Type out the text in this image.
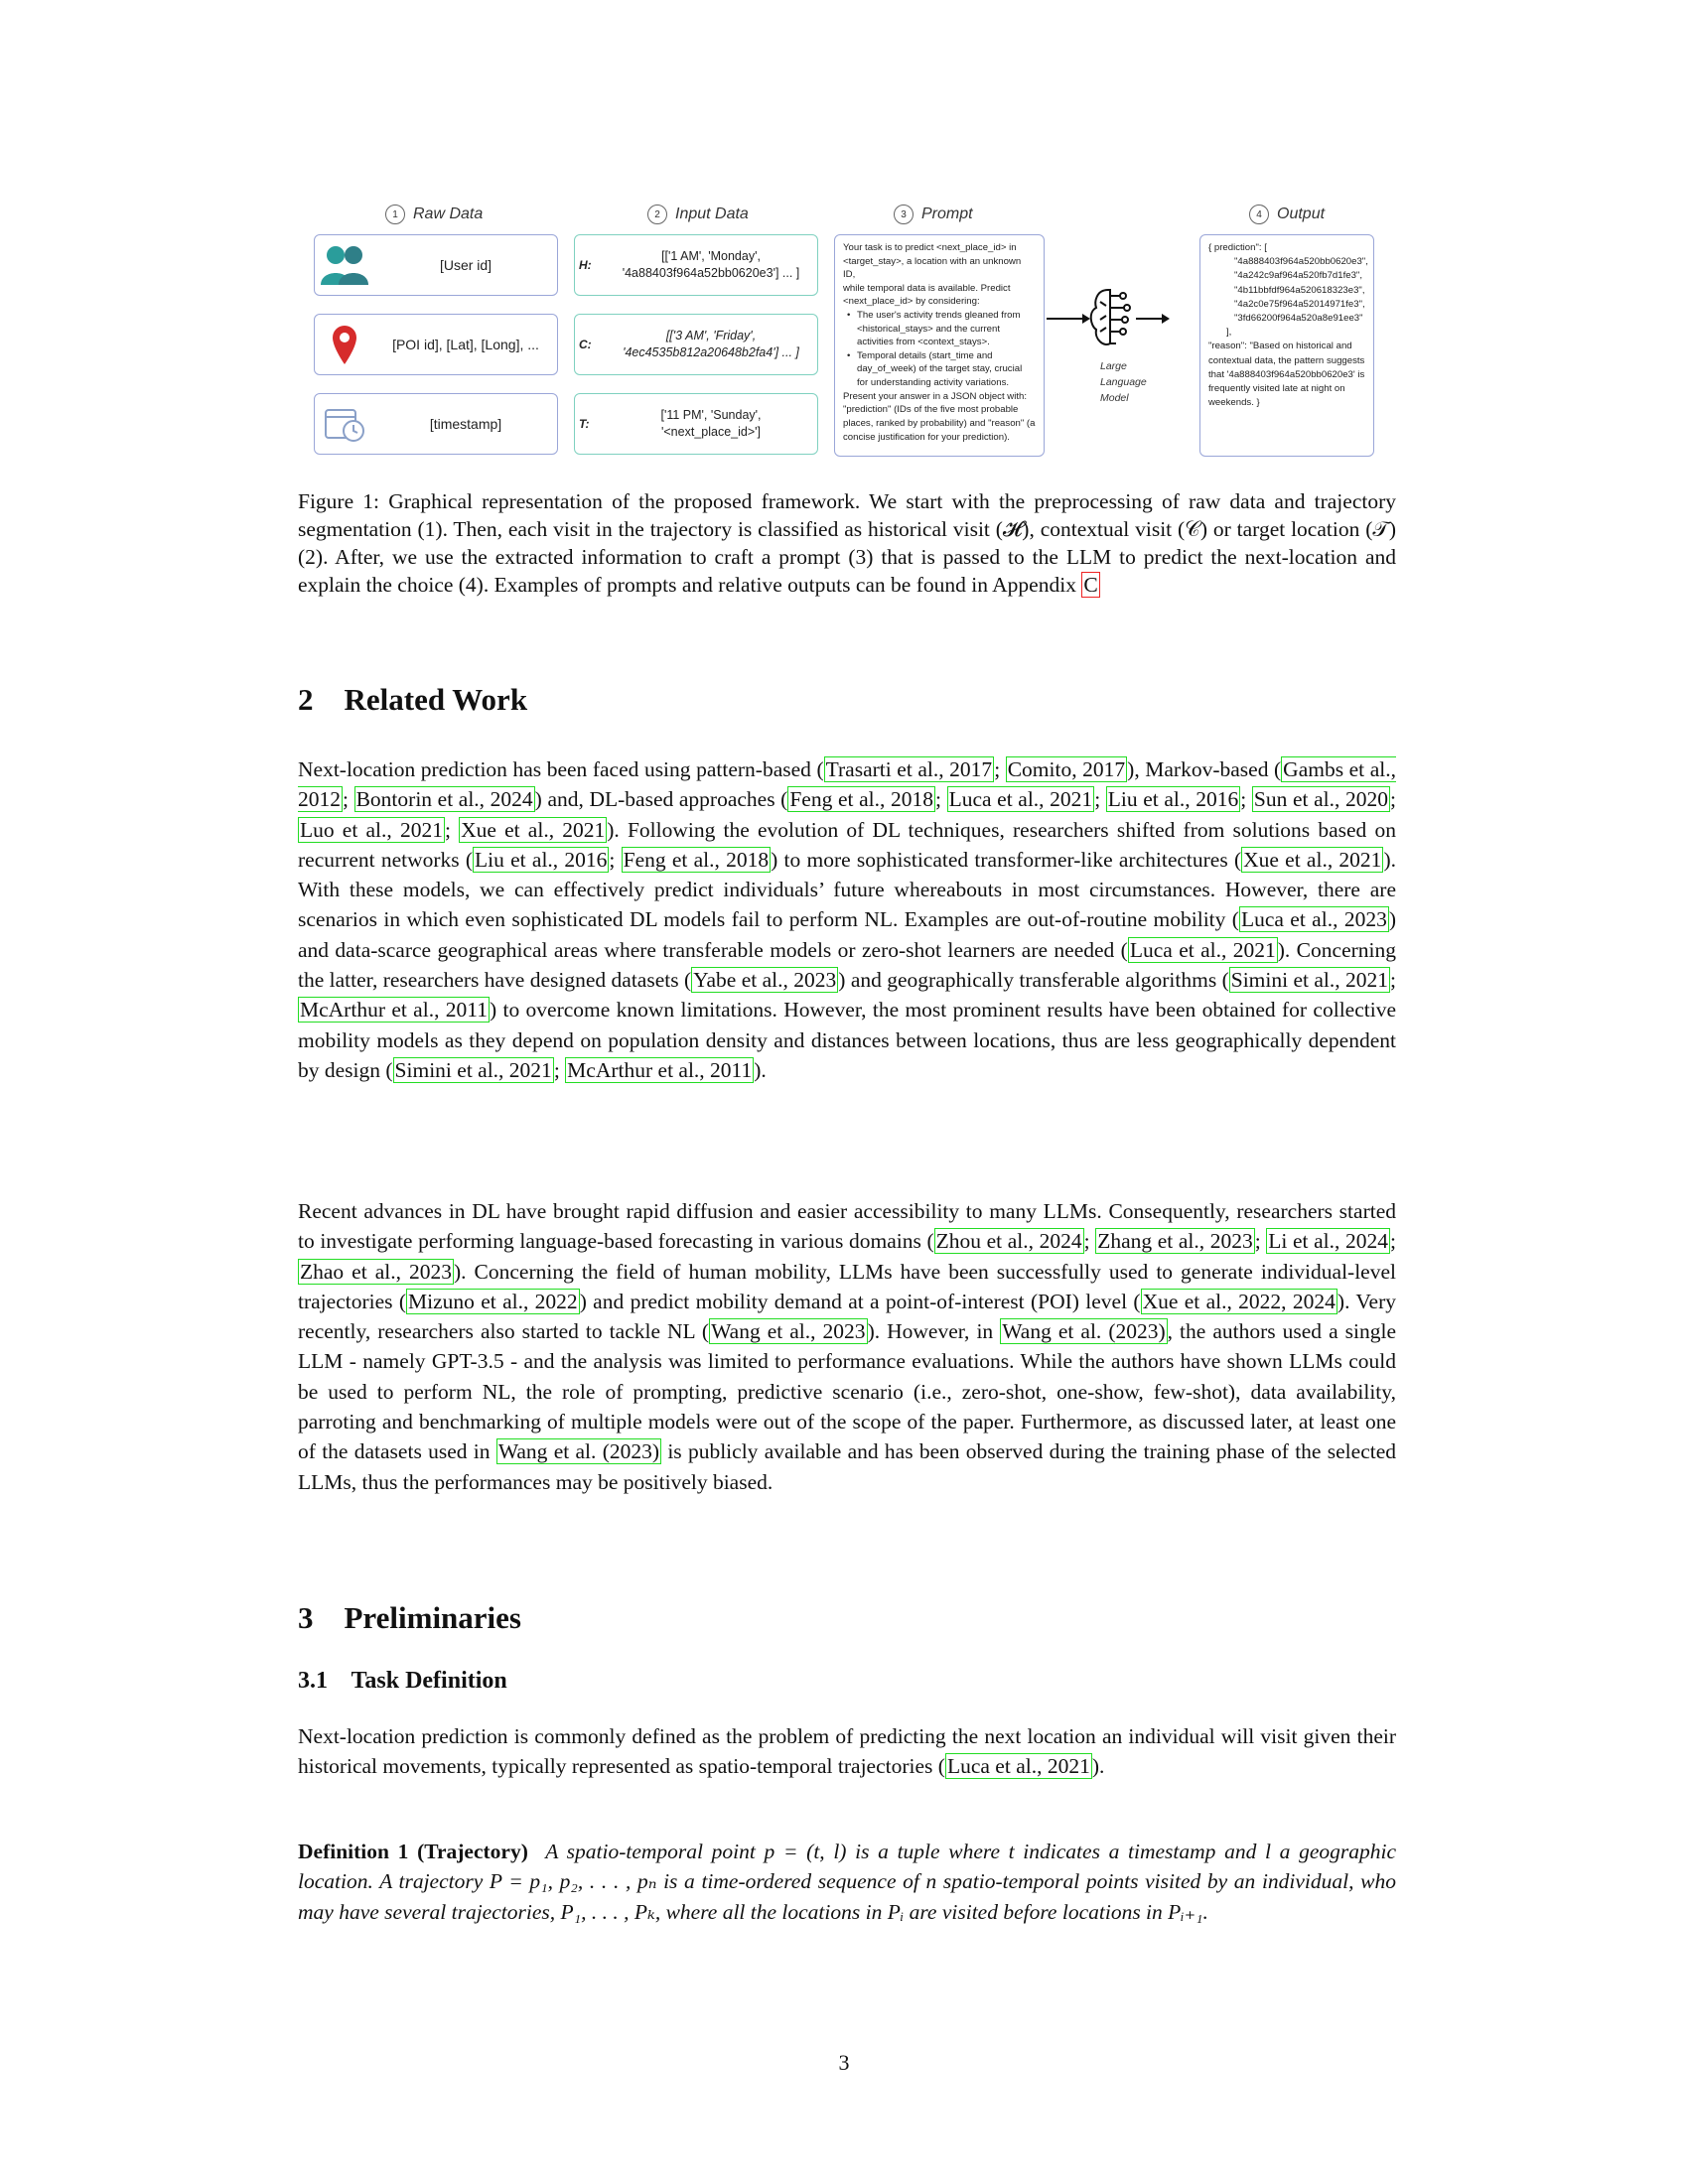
1 Raw Data	2 Input Data	3 Prompt	4 Output
[User id]
[POI id], [Lat], [Long], ...
[timestamp]
H:
[['1 AM', 'Monday',
'4a88403f964a52bb0620e3'] ... ]
C:
[['3 AM', 'Friday',
'4ec4535b812a20648b2fa4'] ... ]
T:
['11 PM', 'Sunday',
'<next_place_id>']

Your task is to predict <next_place_id> in

<target_stay>, a location with an unknown ID,

while temporal data is available. Predict

<next_place_id> by considering:

• The user's activity trends gleaned from <historical_stays> and the current activities from <context_stays>.

• Temporal details (start_time and day_of_week) of the target stay, crucial for understanding activity variations.

Present your answer in a JSON object with:

"prediction" (IDs of the five most probable

places, ranked by probability) and "reason" (a

concise justification for your prediction).

Large
Language
Model

{ prediction": [

"4a888403f964a520bb0620e3",

"4a242c9af964a520fb7d1fe3",

"4b11bbfdf964a520618323e3",

"4a2c0e75f964a52014971fe3",

"3fd66200f964a520a8e91ee3"

],

"reason": "Based on historical and

contextual data, the pattern suggests

that '4a888403f964a520bb0620e3' is

frequently visited late at night on

weekends. }

Figure 1: Graphical representation of the proposed framework. We start with the preprocessing of raw data and trajectory segmentation (1). Then, each visit in the trajectory is classified as historical visit (𝓗), contextual visit (𝒞) or target location (𝒯) (2). After, we use the extracted information to craft a prompt (3) that is passed to the LLM to predict the next-location and explain the choice (4). Examples of prompts and relative outputs can be found in Appendix C
2 Related Work

Next-location prediction has been faced using pattern-based (Trasarti et al., 2017; Comito, 2017), Markov-based (Gambs et al., 2012; Bontorin et al., 2024) and, DL-based approaches (Feng et al., 2018; Luca et al., 2021; Liu et al., 2016; Sun et al., 2020; Luo et al., 2021; Xue et al., 2021). Following the evolution of DL techniques, researchers shifted from solutions based on recurrent networks (Liu et al., 2016; Feng et al., 2018) to more sophisticated transformer-like architectures (Xue et al., 2021). With these models, we can effectively predict individuals’ future whereabouts in most circumstances. However, there are scenarios in which even sophisticated DL models fail to perform NL. Examples are out-of-routine mobility (Luca et al., 2023) and data-scarce geographical areas where transferable models or zero-shot learners are needed (Luca et al., 2021). Concerning the latter, researchers have designed datasets (Yabe et al., 2023) and geographically transferable algorithms (Simini et al., 2021; McArthur et al., 2011) to overcome known limitations. However, the most prominent results have been obtained for collective mobility models as they depend on population density and distances between locations, thus are less geographically dependent by design (Simini et al., 2021; McArthur et al., 2011).

Recent advances in DL have brought rapid diffusion and easier accessibility to many LLMs. Consequently, researchers started to investigate performing language-based forecasting in various domains (Zhou et al., 2024; Zhang et al., 2023; Li et al., 2024; Zhao et al., 2023). Concerning the field of human mobility, LLMs have been successfully used to generate individual-level trajectories (Mizuno et al., 2022) and predict mobility demand at a point-of-interest (POI) level (Xue et al., 2022, 2024). Very recently, researchers also started to tackle NL (Wang et al., 2023). However, in Wang et al. (2023), the authors used a single LLM - namely GPT-3.5 - and the analysis was limited to performance evaluations. While the authors have shown LLMs could be used to perform NL, the role of prompting, predictive scenario (i.e., zero-shot, one-show, few-shot), data availability, parroting and benchmarking of multiple models were out of the scope of the paper. Furthermore, as discussed later, at least one of the datasets used in Wang et al. (2023) is publicly available and has been observed during the training phase of the selected LLMs, thus the performances may be positively biased.

3 Preliminaries
3.1 Task Definition

Next-location prediction is commonly defined as the problem of predicting the next location an individual will visit given their historical movements, typically represented as spatio-temporal trajectories (Luca et al., 2021).

Definition 1 (Trajectory) A spatio-temporal point p = (t, l) is a tuple where t indicates a timestamp and l a geographic location. A trajectory P = p₁, p₂, . . . , pₙ is a time-ordered sequence of n spatio-temporal points visited by an individual, who may have several trajectories, P₁, . . . , Pₖ, where all the locations in Pᵢ are visited before locations in Pᵢ₊₁.

3
